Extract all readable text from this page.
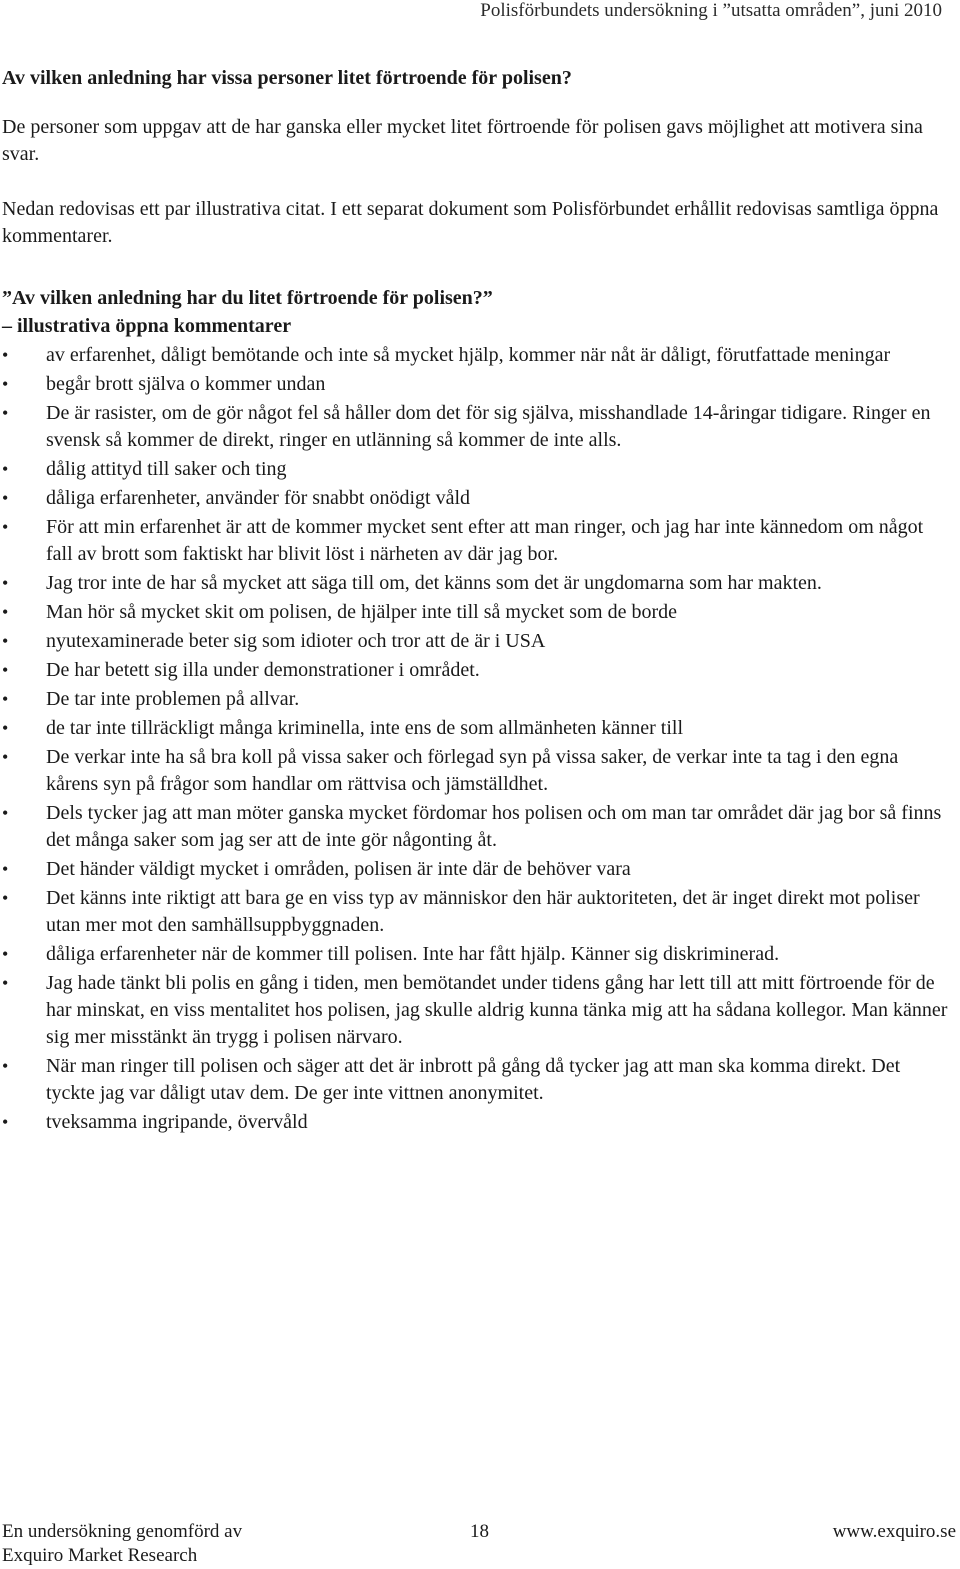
Polisförbundets undersökning i ”utsatta områden”, juni 2010
Av vilken anledning har vissa personer litet förtroende för polisen?

De personer som uppgav att de har ganska eller mycket litet förtroende för polisen gavs möjlighet att motivera sina svar.

Nedan redovisas ett par illustrativa citat. I ett separat dokument som Polisförbundet erhållit redovisas samtliga öppna kommentarer.

”Av vilken anledning har du litet förtroende för polisen?”
– illustrativa öppna kommentarer
•	av erfarenhet, dåligt bemötande och inte så mycket hjälp, kommer när nåt är dåligt, förutfattade meningar
•	begår brott själva o kommer undan
•	De är rasister, om de gör något fel så håller dom det för sig själva, misshandlade 14-åringar tidigare. Ringer en svensk så kommer de direkt, ringer en utlänning så kommer de inte alls.
•	dålig attityd till saker och ting
•	dåliga erfarenheter, använder för snabbt onödigt våld
•	För att min erfarenhet är att de kommer mycket sent efter att man ringer, och jag har inte kännedom om något fall av brott som faktiskt har blivit löst i närheten av där jag bor.
•	Jag tror inte de har så mycket att säga till om, det känns som det är ungdomarna som har makten.
•	Man hör så mycket skit om polisen, de hjälper inte till så mycket som de borde
•	nyutexaminerade beter sig som idioter och tror att de är i USA
•	De har betett sig illa under demonstrationer i området.
•	De tar inte problemen på allvar.
•	de tar inte tillräckligt många kriminella, inte ens de som allmänheten känner till
•	De verkar inte ha så bra koll på vissa saker och förlegad syn på vissa saker, de verkar inte ta tag i den egna kårens syn på frågor som handlar om rättvisa och jämställdhet.
•	Dels tycker jag att man möter ganska mycket fördomar hos polisen och om man tar området där jag bor så finns det många saker som jag ser att de inte gör någonting åt.
•	Det händer väldigt mycket i områden, polisen är inte där de behöver vara
•	Det känns inte riktigt att bara ge en viss typ av människor den här auktoriteten, det är inget direkt mot poliser utan mer mot den samhällsuppbyggnaden.
•	dåliga erfarenheter när de kommer till polisen. Inte har fått hjälp. Känner sig diskriminerad.
•	Jag hade tänkt bli polis en gång i tiden, men bemötandet under tidens gång har lett till att mitt förtroende för de har minskat, en viss mentalitet hos polisen, jag skulle aldrig kunna tänka mig att ha sådana kollegor. Man känner sig mer misstänkt än trygg i polisen närvaro.
•	När man ringer till polisen och säger att det är inbrott på gång då tycker jag att man ska komma direkt. Det tyckte jag var dåligt utav dem. De ger inte vittnen anonymitet.
•	tveksamma ingripande, övervåld
En undersökning genomförd av
Exquiro Market Research
18	www.exquiro.se
